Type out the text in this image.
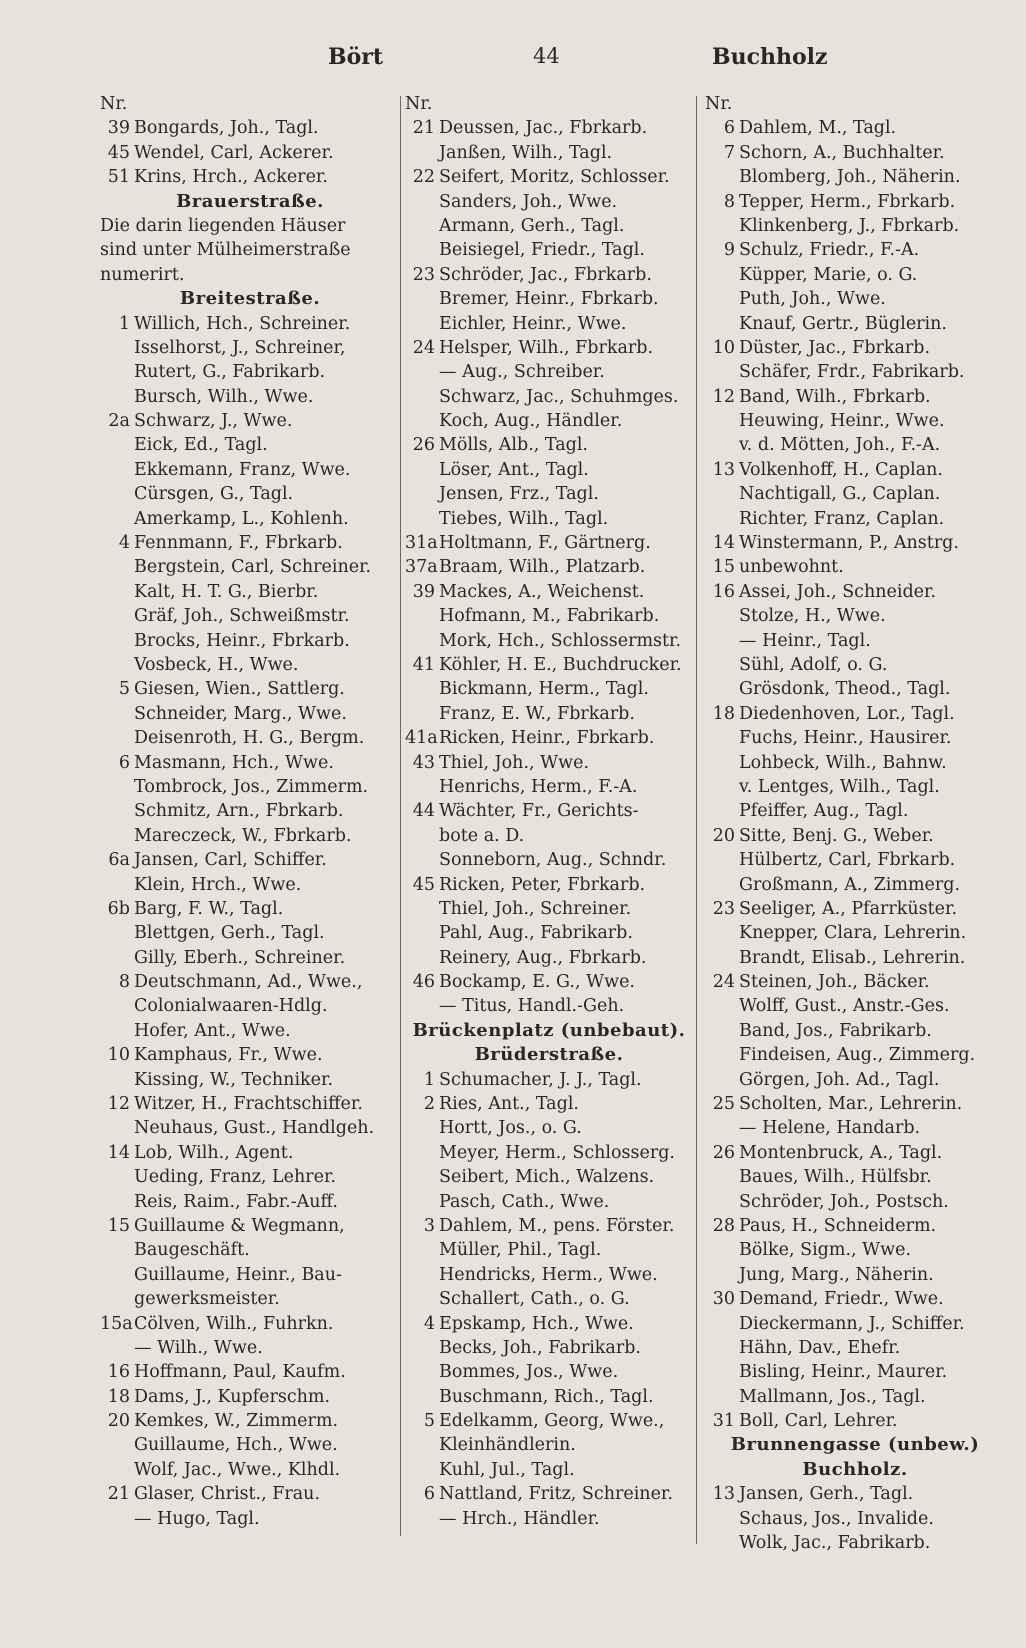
Bört	44	Buchholz
Nr.
39 Bongards, Joh., Tagl.
45 Wendel, Carl, Ackerer.
51 Krins, Hrch., Ackerer.
Brauerstraße.
Die darin liegenden Häuser
sind unter Mülheimerstraße
numerirt.
Breitestraße.
1 Willich, Hch., Schreiner.
Isselhorst, J., Schreiner,
Rutert, G., Fabrikarb.
Bursch, Wilh., Wwe.
2a Schwarz, J., Wwe.
Eick, Ed., Tagl.
Ekkemann, Franz, Wwe.
Cürsgen, G., Tagl.
Amerkamp, L., Kohlenh.
4 Fennmann, F., Fbrkarb.
Bergstein, Carl, Schreiner.
Kalt, H. T. G., Bierbr.
Gräf, Joh., Schweißmstr.
Brocks, Heinr., Fbrkarb.
Vosbeck, H., Wwe.
5 Giesen, Wien., Sattlerg.
Schneider, Marg., Wwe.
Deisenroth, H. G., Bergm.
6 Masmann, Hch., Wwe.
Tombrock, Jos., Zimmerm.
Schmitz, Arn., Fbrkarb.
Mareczeck, W., Fbrkarb.
6a Jansen, Carl, Schiffer.
Klein, Hrch., Wwe.
6b Barg, F. W., Tagl.
Blettgen, Gerh., Tagl.
Gilly, Eberh., Schreiner.
8 Deutschmann, Ad., Wwe.,
Colonialwaaren-Hdlg.
Hofer, Ant., Wwe.
10 Kamphaus, Fr., Wwe.
Kissing, W., Techniker.
12 Witzer, H., Frachtschiffer.
Neuhaus, Gust., Handlgeh.
14 Lob, Wilh., Agent.
Ueding, Franz, Lehrer.
Reis, Raim., Fabr.-Auff.
15 Guillaume & Wegmann,
Baugeschäft.
Guillaume, Heinr., Bau-
gewerksmeister.
15a Cölven, Wilh., Fuhrkn.
— Wilh., Wwe.
16 Hoffmann, Paul, Kaufm.
18 Dams, J., Kupferschm.
20 Kemkes, W., Zimmerm.
Guillaume, Hch., Wwe.
Wolf, Jac., Wwe., Klhdl.
21 Glaser, Christ., Frau.
— Hugo, Tagl.
Nr.
21 Deussen, Jac., Fbrkarb.
Janßen, Wilh., Tagl.
22 Seifert, Moritz, Schlosser.
Sanders, Joh., Wwe.
Armann, Gerh., Tagl.
Beisiegel, Friedr., Tagl.
23 Schröder, Jac., Fbrkarb.
Bremer, Heinr., Fbrkarb.
Eichler, Heinr., Wwe.
24 Helsper, Wilh., Fbrkarb.
— Aug., Schreiber.
Schwarz, Jac., Schuhmges.
Koch, Aug., Händler.
26 Mölls, Alb., Tagl.
Löser, Ant., Tagl.
Jensen, Frz., Tagl.
Tiebes, Wilh., Tagl.
31a Holtmann, F., Gärtnerg.
37a Braam, Wilh., Platzarb.
39 Mackes, A., Weichenst.
Hofmann, M., Fabrikarb.
Mork, Hch., Schlossermstr.
41 Köhler, H. E., Buchdrucker.
Bickmann, Herm., Tagl.
Franz, E. W., Fbrkarb.
41a Ricken, Heinr., Fbrkarb.
43 Thiel, Joh., Wwe.
Henrichs, Herm., F.-A.
44 Wächter, Fr., Gerichts-
bote a. D.
Sonneborn, Aug., Schndr.
45 Ricken, Peter, Fbrkarb.
Thiel, Joh., Schreiner.
Pahl, Aug., Fabrikarb.
Reinery, Aug., Fbrkarb.
46 Bockamp, E. G., Wwe.
— Titus, Handl.-Geh.
Brückenplatz (unbebaut).
Brüderstraße.
1 Schumacher, J. J., Tagl.
2 Ries, Ant., Tagl.
Hortt, Jos., o. G.
Meyer, Herm., Schlosserg.
Seibert, Mich., Walzens.
Pasch, Cath., Wwe.
3 Dahlem, M., pens. Förster.
Müller, Phil., Tagl.
Hendricks, Herm., Wwe.
Schallert, Cath., o. G.
4 Epskamp, Hch., Wwe.
Becks, Joh., Fabrikarb.
Bommes, Jos., Wwe.
Buschmann, Rich., Tagl.
5 Edelkamm, Georg, Wwe.,
Kleinhändlerin.
Kuhl, Jul., Tagl.
6 Nattland, Fritz, Schreiner.
— Hrch., Händler.
Nr.
6 Dahlem, M., Tagl.
7 Schorn, A., Buchhalter.
Blomberg, Joh., Näherin.
8 Tepper, Herm., Fbrkarb.
Klinkenberg, J., Fbrkarb.
9 Schulz, Friedr., F.-A.
Küpper, Marie, o. G.
Puth, Joh., Wwe.
Knauf, Gertr., Büglerin.
10 Düster, Jac., Fbrkarb.
Schäfer, Frdr., Fabrikarb.
12 Band, Wilh., Fbrkarb.
Heuwing, Heinr., Wwe.
v. d. Mötten, Joh., F.-A.
13 Volkenhoff, H., Caplan.
Nachtigall, G., Caplan.
Richter, Franz, Caplan.
14 Winstermann, P., Anstrg.
15 unbewohnt.
16 Assei, Joh., Schneider.
Stolze, H., Wwe.
— Heinr., Tagl.
Sühl, Adolf, o. G.
Grösdonk, Theod., Tagl.
18 Diedenhoven, Lor., Tagl.
Fuchs, Heinr., Hausirer.
Lohbeck, Wilh., Bahnw.
v. Lentges, Wilh., Tagl.
Pfeiffer, Aug., Tagl.
20 Sitte, Benj. G., Weber.
Hülbertz, Carl, Fbrkarb.
Großmann, A., Zimmerg.
23 Seeliger, A., Pfarrküster.
Knepper, Clara, Lehrerin.
Brandt, Elisab., Lehrerin.
24 Steinen, Joh., Bäcker.
Wolff, Gust., Anstr.-Ges.
Band, Jos., Fabrikarb.
Findeisen, Aug., Zimmerg.
Görgen, Joh. Ad., Tagl.
25 Scholten, Mar., Lehrerin.
— Helene, Handarb.
26 Montenbruck, A., Tagl.
Baues, Wilh., Hülfsbr.
Schröder, Joh., Postsch.
28 Paus, H., Schneiderm.
Bölke, Sigm., Wwe.
Jung, Marg., Näherin.
30 Demand, Friedr., Wwe.
Dieckermann, J., Schiffer.
Hähn, Dav., Ehefr.
Bisling, Heinr., Maurer.
Mallmann, Jos., Tagl.
31 Boll, Carl, Lehrer.
Brunnengasse (unbew.)
Buchholz.
13 Jansen, Gerh., Tagl.
Schaus, Jos., Invalide.
Wolk, Jac., Fabrikarb.
